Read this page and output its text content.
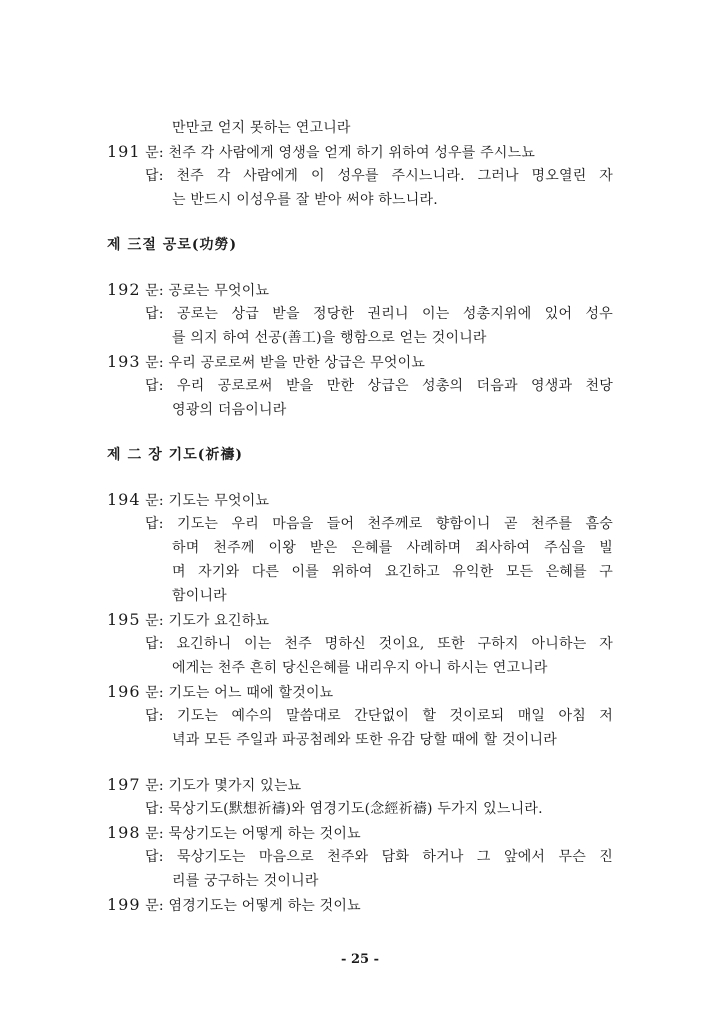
만만코 얻지 못하는 연고니라
191 문: 천주 각 사람에게 영생을 얻게 하기 위하여 성우를 주시느뇨
답: 천주 각 사람에게 이 성우를 주시느니라. 그러나 명오열린 자
는 반드시 이성우를 잘 받아 써야 하느니라.
제 三절 공로(功勞)
192 문: 공로는 무엇이뇨
답: 공로는 상급 받을 정당한 권리니 이는 성총지위에 있어 성우
를 의지 하여 선공(善工)을 행함으로 얻는 것이니라
193 문: 우리 공로로써 받을 만한 상급은 무엇이뇨
답: 우리 공로로써 받을 만한 상급은 성총의 더음과 영생과 천당
영광의 더음이니라
제 二 장 기도(祈禱)
194 문: 기도는 무엇이뇨
답: 기도는 우리 마음을 들어 천주께로 향함이니 곧 천주를 흠숭
하며 천주께 이왕 받은 은혜를 사례하며 죄사하여 주심을 빌
며 자기와 다른 이를 위하여 요긴하고 유익한 모든 은혜를 구
함이니라
195 문: 기도가 요긴하뇨
답: 요긴하니 이는 천주 명하신 것이요, 또한 구하지 아니하는 자
에게는 천주 흔히 당신은혜를 내리우지 아니 하시는 연고니라
196 문: 기도는 어느 때에 할것이뇨
답: 기도는 예수의 말씀대로 간단없이 할 것이로되 매일 아침 저
녁과 모든 주일과 파공첨례와 또한 유감 당할 때에 할 것이니라
197 문: 기도가 몇가지 있는뇨
답: 묵상기도(默想祈禱)와 염경기도(念經祈禱) 두가지 있느니라.
198 문: 묵상기도는 어떻게 하는 것이뇨
답: 묵상기도는 마음으로 천주와 담화 하거나 그 앞에서 무슨 진
리를 궁구하는 것이니라
199 문: 염경기도는 어떻게 하는 것이뇨
- 25 -
